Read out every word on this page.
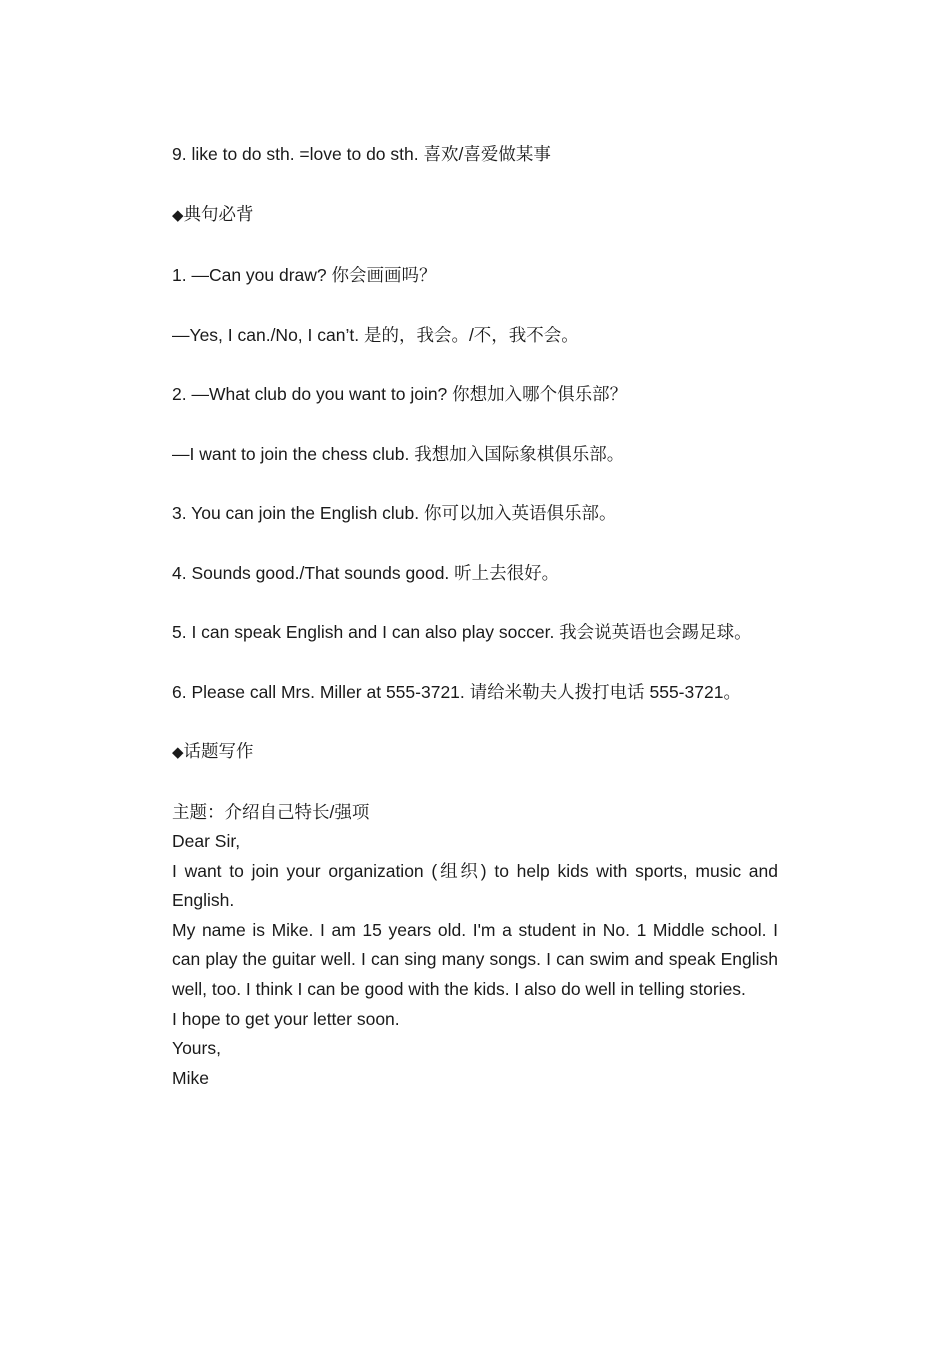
9. like to do sth. =love to do sth. 喜欢/喜爱做某事

◆典句必背

1. —Can you draw? 你会画画吗？

—Yes, I can./No, I can’t. 是的，我会。/不，我不会。

2. —What club do you want to join? 你想加入哪个俱乐部？

—I want to join the chess club. 我想加入国际象棋俱乐部。

3. You can join the English club. 你可以加入英语俱乐部。

4. Sounds good./That sounds good. 听上去很好。

5. I can speak English and I can also play soccer. 我会说英语也会踢足球。

6. Please call Mrs. Miller at 555-3721. 请给米勒夫人拨打电话 555-3721。

◆话题写作

主题：介绍自己特长/强项

Dear Sir,

I want to join your organization (组织) to help kids with sports, music and English.

My name is Mike. I am 15 years old. I'm a student in No. 1 Middle school. I can play the guitar well. I can sing many songs. I can swim and speak English well, too. I think I can be good with the kids. I also do well in telling stories.

I hope to get your letter soon.

Yours,

Mike
